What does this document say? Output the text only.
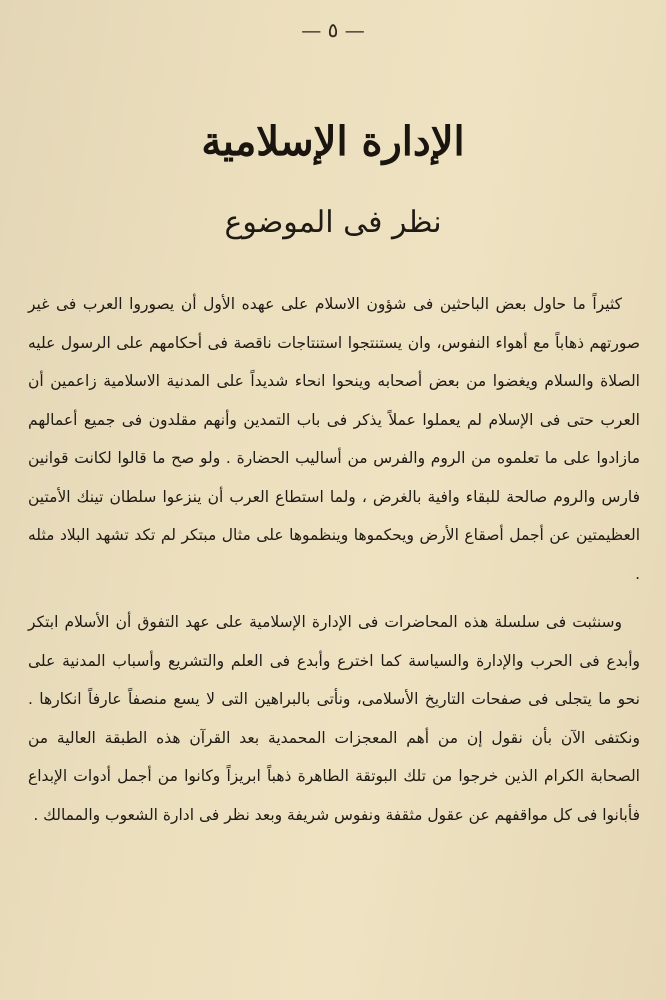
— ٥ —
الإدارة الإسلامية
نظر فى الموضوع

كثيراً ما حاول بعض الباحثين فى شؤون الاسلام على عهده الأول أن يصوروا العرب فى غير صورتهم ذهاباً مع أهواء النفوس، وان يستنتجوا استنتاجات ناقصة فى أحكامهم على الرسول عليه الصلاة والسلام ويغضوا من بعض أصحابه وينحوا انحاء شديداً على المدنية الاسلامية زاعمين أن العرب حتى فى الإسلام لم يعملوا عملاً يذكر فى باب التمدين وأنهم مقلدون فى جميع أعمالهم مازادوا على ما تعلموه من الروم والفرس من أساليب الحضارة . ولو صح ما قالوا لكانت قوانين فارس والروم صالحة للبقاء وافية بالغرض ، ولما استطاع العرب أن ينزعوا سلطان تينك الأمتين العظيمتين عن أجمل أصقاع الأرض ويحكموها وينظموها على مثال مبتكر لم تكد تشهد البلاد مثله .

وسنثبت فى سلسلة هذه المحاضرات فى الإدارة الإسلامية على عهد التفوق أن الأسلام ابتكر وأبدع فى الحرب والإدارة والسياسة كما اخترع وأبدع فى العلم والتشريع وأسباب المدنية على نحو ما يتجلى فى صفحات التاريخ الأسلامى، ونأتى بالبراهين التى لا يسع منصفاً عارفاً انكارها . ونكتفى الآن بأن نقول إن من أهم المعجزات المحمدية بعد القرآن هذه الطبقة العالية من الصحابة الكرام الذين خرجوا من تلك البوتقة الطاهرة ذهباً ابريزاً وكانوا من أجمل أدوات الإبداع فأبانوا فى كل مواقفهم عن عقول مثقفة ونفوس شريفة وبعد نظر فى ادارة الشعوب والممالك .
